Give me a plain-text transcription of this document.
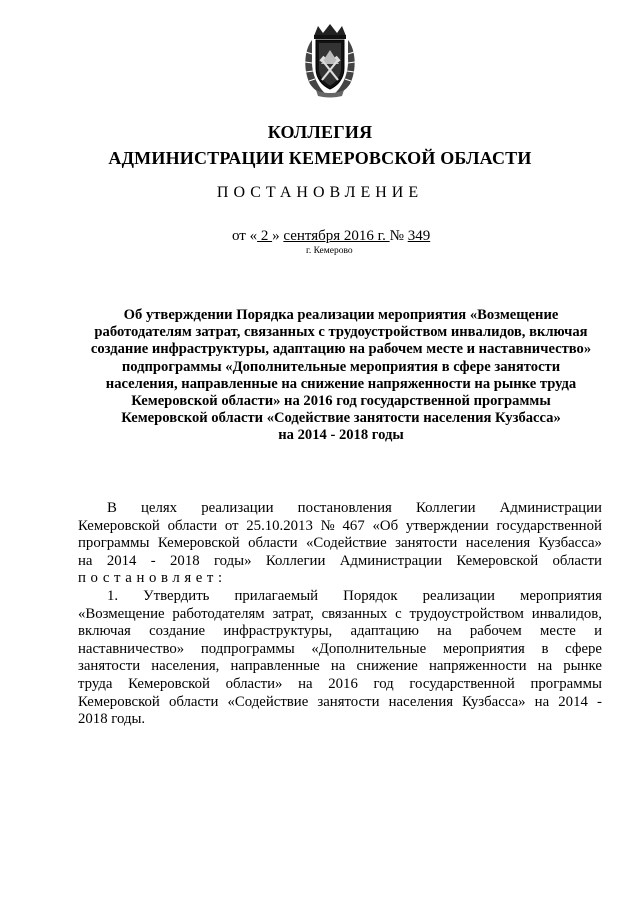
КОЛЛЕГИЯ
АДМИНИСТРАЦИИ КЕМЕРОВСКОЙ ОБЛАСТИ
ПОСТАНОВЛЕНИЕ
от « 2 » сентября 2016 г. № 349
г. Кемерово
Об утверждении Порядка реализации мероприятия «Возмещение
работодателям затрат, связанных с трудоустройством инвалидов, включая
создание инфраструктуры, адаптацию на рабочем месте и наставничество»
подпрограммы «Дополнительные мероприятия в сфере занятости
населения, направленные на снижение напряженности на рынке труда
Кемеровской области» на 2016 год государственной программы
Кемеровской области «Содействие занятости населения Кузбасса»
на 2014 - 2018 годы
В целях реализации постановления Коллегии Администрации
Кемеровской области от 25.10.2013 № 467 «Об утверждении государственной
программы Кемеровской области «Содействие занятости населения Кузбасса»
на 2014 - 2018 годы» Коллегии Администрации Кемеровской области
постановляет:
1. Утвердить прилагаемый Порядок реализации мероприятия
«Возмещение работодателям затрат, связанных с трудоустройством инвалидов,
включая создание инфраструктуры, адаптацию на рабочем месте и
наставничество» подпрограммы «Дополнительные мероприятия в сфере
занятости населения, направленные на снижение напряженности на рынке
труда Кемеровской области» на 2016 год государственной программы
Кемеровской области «Содействие занятости населения Кузбасса» на 2014 -
2018 годы.
